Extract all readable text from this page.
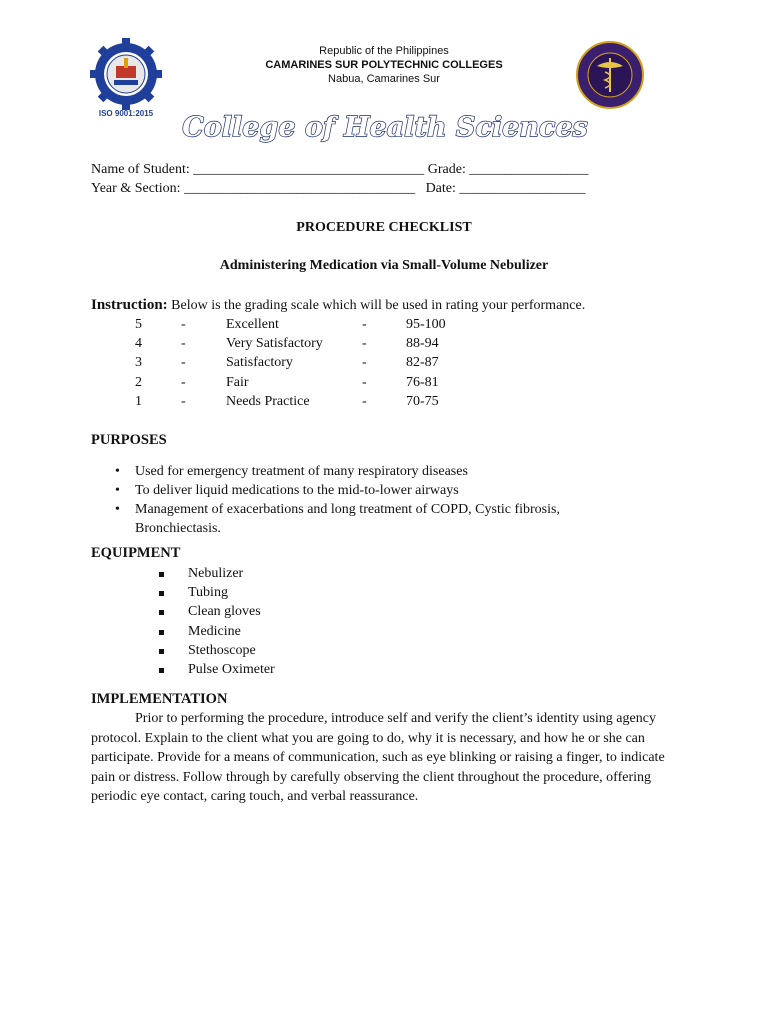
ISO 9001:2015
Republic of the Philippines
CAMARINES SUR POLYTECHNIC COLLEGES
Nabua, Camarines Sur
College of Health Sciences
Name of Student: _________________________________ Grade: _________________
Year & Section: _________________________________   Date: __________________
PROCEDURE CHECKLIST
Administering Medication via Small-Volume Nebulizer
Instruction: Below is the grading scale which will be used in rating your performance.
5	-	Excellent	-	95-100
4	-	Very Satisfactory	-	88-94
3	-	Satisfactory	-	82-87
2	-	Fair	-	76-81
1	-	Needs Practice	-	70-75
PURPOSES
• Used for emergency treatment of many respiratory diseases
• To deliver liquid medications to the mid-to-lower airways
• Management of exacerbations and long treatment of COPD, Cystic fibrosis, Bronchiectasis.
EQUIPMENT
Nebulizer
Tubing
Clean gloves
Medicine
Stethoscope
Pulse Oximeter
IMPLEMENTATION
Prior to performing the procedure, introduce self and verify the client’s identity using agency protocol. Explain to the client what you are going to do, why it is necessary, and how he or she can participate. Provide for a means of communication, such as eye blinking or raising a finger, to indicate pain or distress. Follow through by carefully observing the client throughout the procedure, offering periodic eye contact, caring touch, and verbal reassurance.
